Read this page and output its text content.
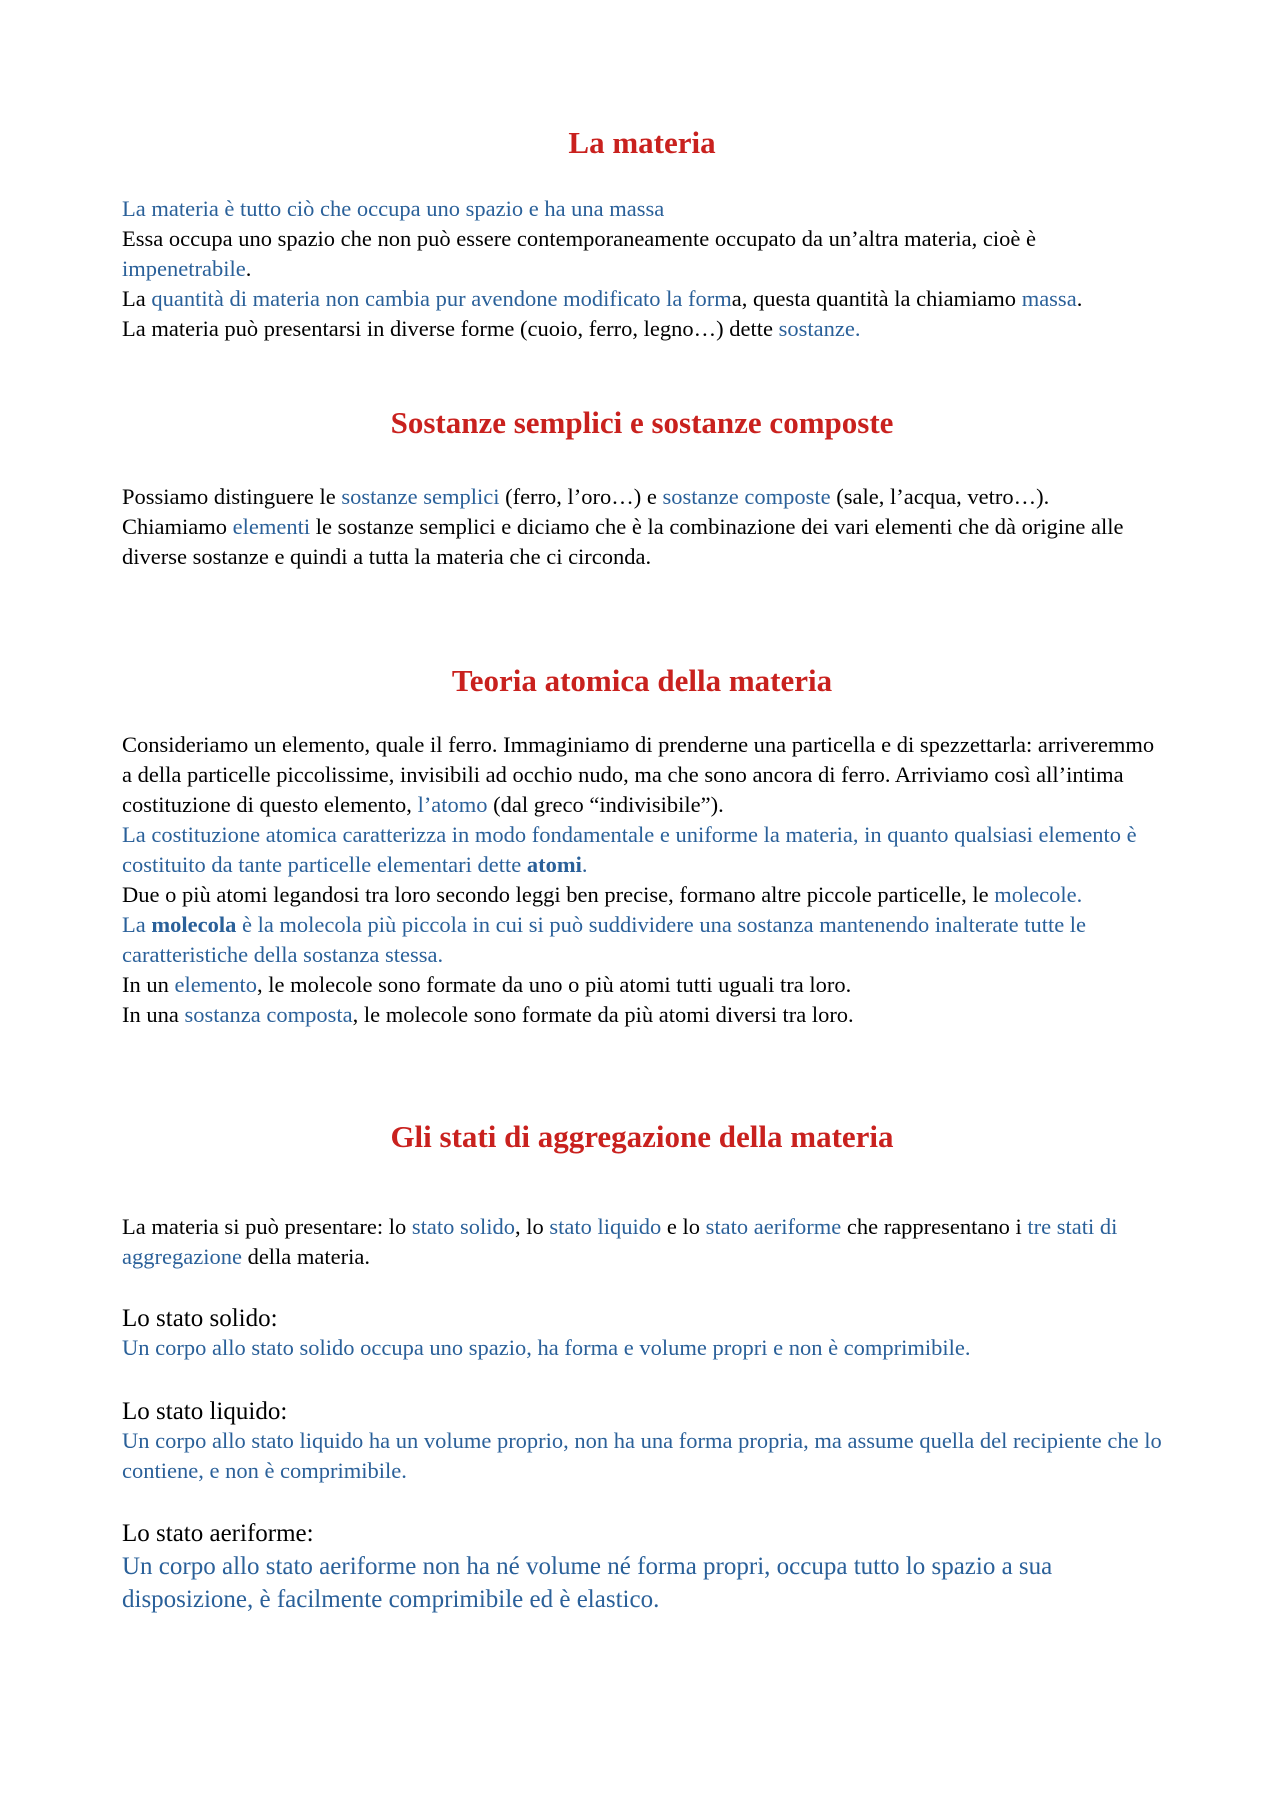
La materia

La materia è tutto ciò che occupa uno spazio e ha una massa

Essa occupa uno spazio che non può essere contemporaneamente occupato da un’altra materia, cioè è impenetrabile.

La quantità di materia non cambia pur avendone modificato la forma, questa quantità la chiamiamo massa.

La materia può presentarsi in diverse forme (cuoio, ferro, legno…) dette sostanze.

Sostanze semplici e sostanze composte

Possiamo distinguere le sostanze semplici (ferro, l’oro…) e sostanze composte (sale, l’acqua, vetro…).

Chiamiamo elementi le sostanze semplici e diciamo che è la combinazione dei vari elementi che dà origine alle diverse sostanze e quindi a tutta la materia che ci circonda.

Teoria atomica della materia

Consideriamo un elemento, quale il ferro. Immaginiamo di prenderne una particella e di spezzettarla: arriveremmo a della particelle piccolissime, invisibili ad occhio nudo, ma che sono ancora di ferro. Arriviamo così all’intima costituzione di questo elemento, l’atomo (dal greco “indivisibile”).

La costituzione atomica caratterizza in modo fondamentale e uniforme la materia, in quanto qualsiasi elemento è costituito da tante particelle elementari dette atomi.

Due o più atomi legandosi tra loro secondo leggi ben precise, formano altre piccole particelle, le molecole.

La molecola è la molecola più piccola in cui si può suddividere una sostanza mantenendo inalterate tutte le caratteristiche della sostanza stessa.

In un elemento, le molecole sono formate da uno o più atomi tutti uguali tra loro.

In una sostanza composta, le molecole sono formate da più atomi diversi tra loro.

Gli stati di aggregazione della materia

La materia si può presentare: lo stato solido, lo stato liquido e lo stato aeriforme che rappresentano i tre stati di aggregazione della materia.

Lo stato solido:

Un corpo allo stato solido occupa uno spazio, ha forma e volume propri e non è comprimibile.

Lo stato liquido:

Un corpo allo stato liquido ha un volume proprio, non ha una forma propria, ma assume quella del recipiente che lo contiene, e non è comprimibile.

Lo stato aeriforme:

Un corpo allo stato aeriforme non ha né volume né forma propri, occupa tutto lo spazio a sua disposizione, è facilmente comprimibile ed è elastico.
